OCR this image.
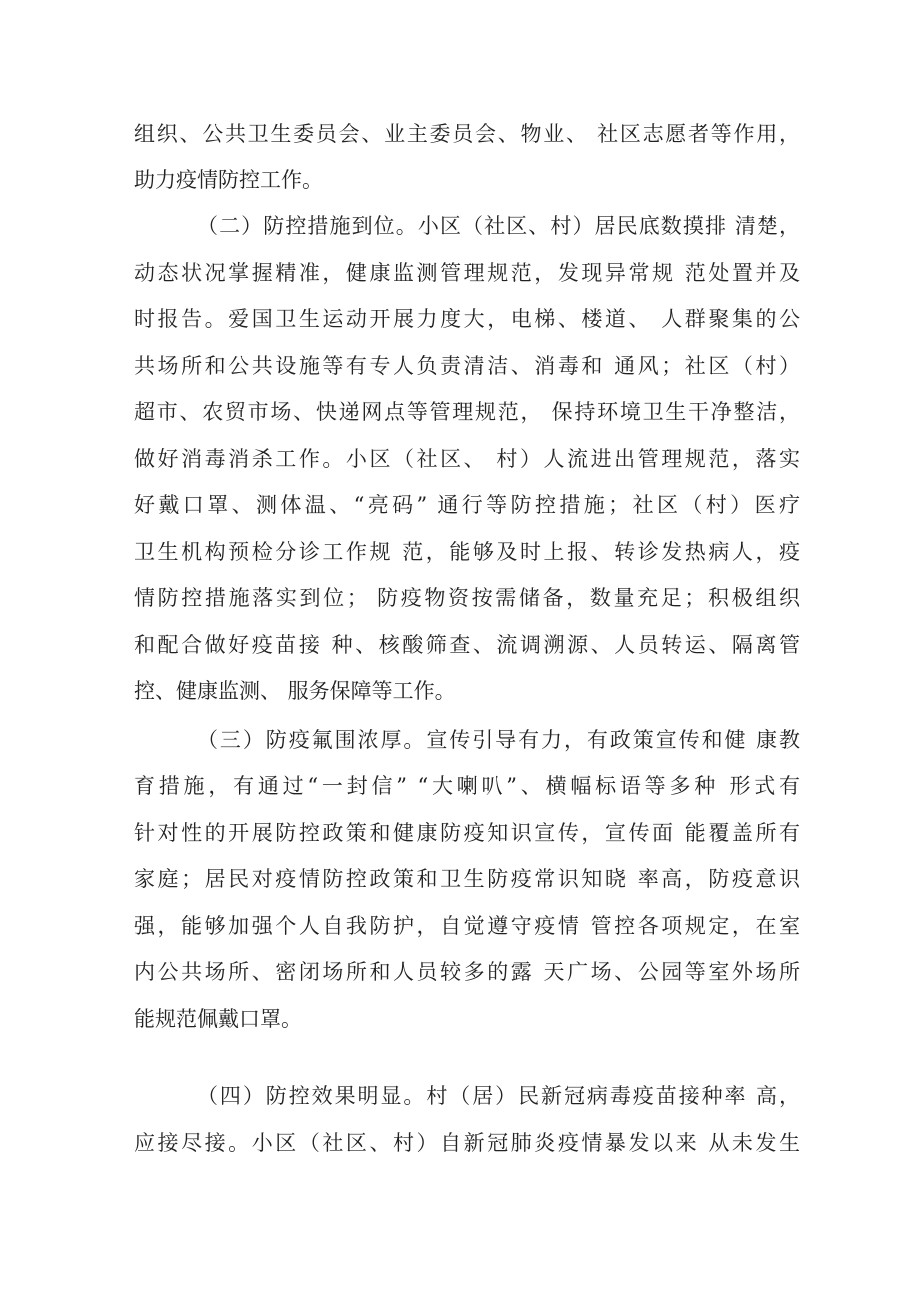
组织、公共卫生委员会、业主委员会、物业、 社区志愿者等作用，
助力疫情防控工作。
（二）防控措施到位。小区（社区、村）居民底数摸排 清楚，
动态状况掌握精准，健康监测管理规范，发现异常规 范处置并及
时报告。爱国卫生运动开展力度大，电梯、楼道、 人群聚集的公
共场所和公共设施等有专人负责清洁、消毒和 通风；社区（村）
超市、农贸市场、快递网点等管理规范， 保持环境卫生干净整洁，
做好消毒消杀工作。小区（社区、 村）人流进出管理规范，落实
好戴口罩、测体温、“亮码” 通行等防控措施；社区（村）医疗
卫生机构预检分诊工作规 范，能够及时上报、转诊发热病人，疫
情防控措施落实到位； 防疫物资按需储备，数量充足；积极组织
和配合做好疫苗接 种、核酸筛查、流调溯源、人员转运、隔离管
控、健康监测、 服务保障等工作。
（三）防疫氟围浓厚。宣传引导有力，有政策宣传和健 康教
育措施，有通过“一封信” “大喇叭”、横幅标语等多种 形式有
针对性的开展防控政策和健康防疫知识宣传，宣传面 能覆盖所有
家庭；居民对疫情防控政策和卫生防疫常识知晓 率高，防疫意识
强，能够加强个人自我防护，自觉遵守疫情 管控各项规定，在室
内公共场所、密闭场所和人员较多的露 天广场、公园等室外场所
能规范佩戴口罩。
（四）防控效果明显。村（居）民新冠病毒疫苗接种率 高，
应接尽接。小区（社区、村）自新冠肺炎疫情暴发以来 从未发生
